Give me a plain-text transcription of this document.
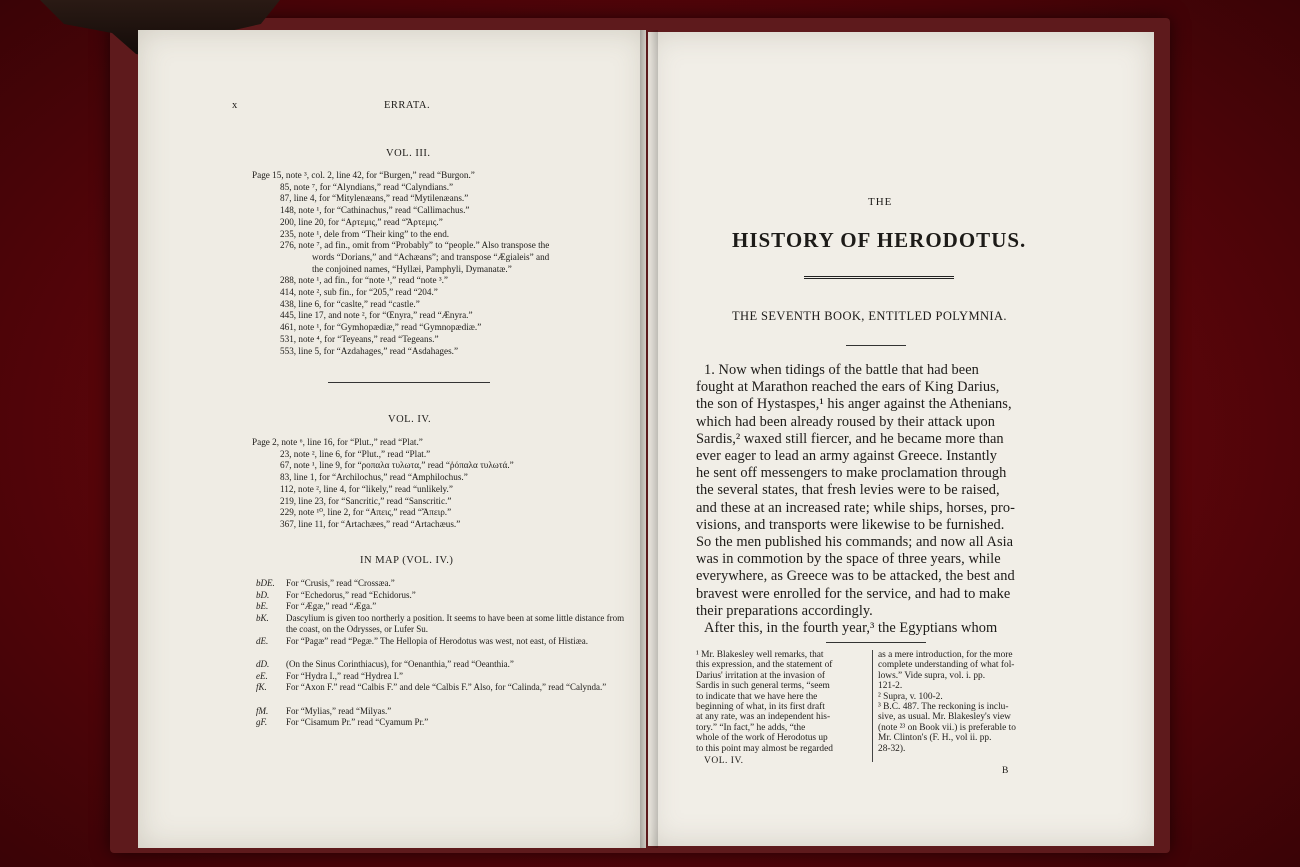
x	ERRATA.

VOL. III.

Page 15, note ³, col. 2, line 42, for “Burgen,” read “Burgon.”

85, note ⁷, for “Alyndians,” read “Calyndians.”

87, line 4, for “Mitylenæans,” read “Mytilenæans.”

148, note ¹, for “Cathinachus,” read “Callimachus.”

200, line 20, for “Αρτεμις,” read “Ἄρτεμις.”

235, note ¹, dele from “Their king” to the end.

276, note ⁷, ad fin., omit from “Probably” to “people.” Also transpose the

words “Dorians,” and “Achæans”; and transpose “Ægialeis” and

the conjoined names, “Hyllæi, Pamphyli, Dymanatæ.”

288, note ¹, ad fin., for “note ¹,” read “note ³.”

414, note ², sub fin., for “205,” read “204.”

438, line 6, for “caslte,” read “castle.”

445, line 17, and note ², for “Œnyra,” read “Ænyra.”

461, note ¹, for “Gymhopædiæ,” read “Gymnopædiæ.”

531, note ⁴, for “Teyeans,” read “Tegeans.”

553, line 5, for “Azdahages,” read “Asdahages.”

VOL. IV.

Page 2, note ⁶, line 16, for “Plut.,” read “Plat.”

23, note ², line 6, for “Plut.,” read “Plat.”

67, note ¹, line 9, for “ροπαλα τυλωτα,” read “ῥόπαλα τυλωτά.”

83, line 1, for “Archilochus,” read “Amphilochus.”

112, note ², line 4, for “likely,” read “unlikely.”

219, line 23, for “Sancritic,” read “Sanscritic.”

229, note ¹⁰, line 2, for “Απεις,” read “Ἄπειρ.”

367, line 11, for “Artachæes,” read “Artachæus.”

IN MAP (VOL. IV.)

bDE. For “Crusis,” read “Crossæa.”
bD. For “Echedorus,” read “Echidorus.”
bE. For “Ægæ,” read “Æga.”
bK. Dascylium is given too northerly a position. It seems to have been at some little distance from the coast, on the Odrysses, or Lufer Su.
dE. For “Pagæ” read “Pegæ.” The Hellopia of Herodotus was west, not east, of Histiæa.
dD. (On the Sinus Corinthiacus), for “Oenanthia,” read “Oeanthia.”
eE. For “Hydra I.,” read “Hydrea I.”
fK. For “Axon F.” read “Calbis F.” and dele “Calbis F.” Also, for “Calinda,” read “Calynda.”
fM. For “Mylias,” read “Milyas.”
gF. For “Cisamum Pr.” read “Cyamum Pr.”

THE

HISTORY OF HERODOTUS.

THE SEVENTH BOOK, ENTITLED POLYMNIA.

1. Now when tidings of the battle that had been

fought at Marathon reached the ears of King Darius,

the son of Hystaspes,¹ his anger against the Athenians,

which had been already roused by their attack upon

Sardis,² waxed still fiercer, and he became more than

ever eager to lead an army against Greece. Instantly

he sent off messengers to make proclamation through

the several states, that fresh levies were to be raised,

and these at an increased rate; while ships, horses, pro-

visions, and transports were likewise to be furnished.

So the men published his commands; and now all Asia

was in commotion by the space of three years, while

everywhere, as Greece was to be attacked, the best and

bravest were enrolled for the service, and had to make

their preparations accordingly.

After this, in the fourth year,³ the Egyptians whom

¹ Mr. Blakesley well remarks, that

this expression, and the statement of

Darius' irritation at the invasion of

Sardis in such general terms, “seem

to indicate that we have here the

beginning of what, in its first draft

at any rate, was an independent his-

tory.” “In fact,” he adds, “the

whole of the work of Herodotus up

to this point may almost be regarded

as a mere introduction, for the more

complete understanding of what fol-

lows.” Vide supra, vol. i. pp.

121-2.

² Supra, v. 100-2.

³ B.C. 487. The reckoning is inclu-

sive, as usual. Mr. Blakesley's view

(note ²³ on Book vii.) is preferable to

Mr. Clinton's (F. H., vol ii. pp.

28-32).

VOL. IV.

B
